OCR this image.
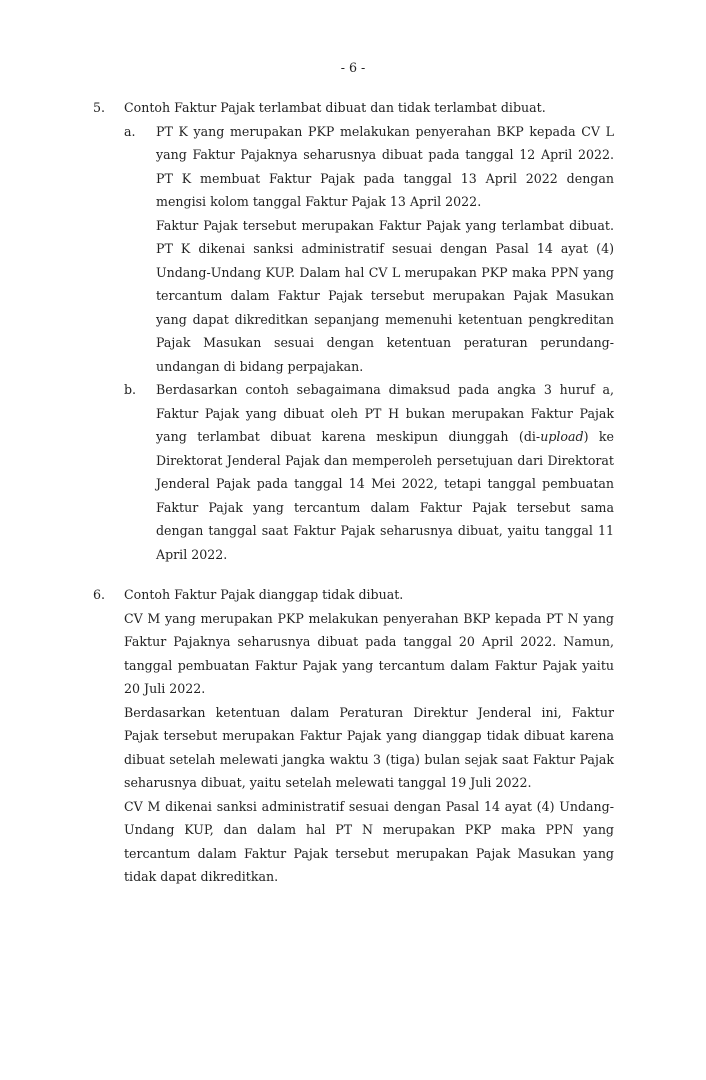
- 6 -
5. Contoh Faktur Pajak terlambat dibuat dan tidak terlambat dibuat.
a. PT K yang merupakan PKP melakukan penyerahan BKP kepada CV L
yang Faktur Pajaknya seharusnya dibuat pada tanggal 12 April 2022.
PT K membuat Faktur Pajak pada tanggal 13 April 2022 dengan
mengisi kolom tanggal Faktur Pajak 13 April 2022.
Faktur Pajak tersebut merupakan Faktur Pajak yang terlambat dibuat.
PT K dikenai sanksi administratif sesuai dengan Pasal 14 ayat (4)
Undang-Undang KUP. Dalam hal CV L merupakan PKP maka PPN yang
tercantum dalam Faktur Pajak tersebut merupakan Pajak Masukan
yang dapat dikreditkan sepanjang memenuhi ketentuan pengkreditan
Pajak Masukan sesuai dengan ketentuan peraturan perundang-
undangan di bidang perpajakan.
b. Berdasarkan contoh sebagaimana dimaksud pada angka 3 huruf a,
Faktur Pajak yang dibuat oleh PT H bukan merupakan Faktur Pajak
yang terlambat dibuat karena meskipun diunggah (di-upload) ke
Direktorat Jenderal Pajak dan memperoleh persetujuan dari Direktorat
Jenderal Pajak pada tanggal 14 Mei 2022, tetapi tanggal pembuatan
Faktur Pajak yang tercantum dalam Faktur Pajak tersebut sama
dengan tanggal saat Faktur Pajak seharusnya dibuat, yaitu tanggal 11
April 2022.
6. Contoh Faktur Pajak dianggap tidak dibuat.
CV M yang merupakan PKP melakukan penyerahan BKP kepada PT N yang
Faktur Pajaknya seharusnya dibuat pada tanggal 20 April 2022. Namun,
tanggal pembuatan Faktur Pajak yang tercantum dalam Faktur Pajak yaitu
20 Juli 2022.
Berdasarkan ketentuan dalam Peraturan Direktur Jenderal ini, Faktur
Pajak tersebut merupakan Faktur Pajak yang dianggap tidak dibuat karena
dibuat setelah melewati jangka waktu 3 (tiga) bulan sejak saat Faktur Pajak
seharusnya dibuat, yaitu setelah melewati tanggal 19 Juli 2022.
CV M dikenai sanksi administratif sesuai dengan Pasal 14 ayat (4) Undang-
Undang KUP, dan dalam hal PT N merupakan PKP maka PPN yang
tercantum dalam Faktur Pajak tersebut merupakan Pajak Masukan yang
tidak dapat dikreditkan.
